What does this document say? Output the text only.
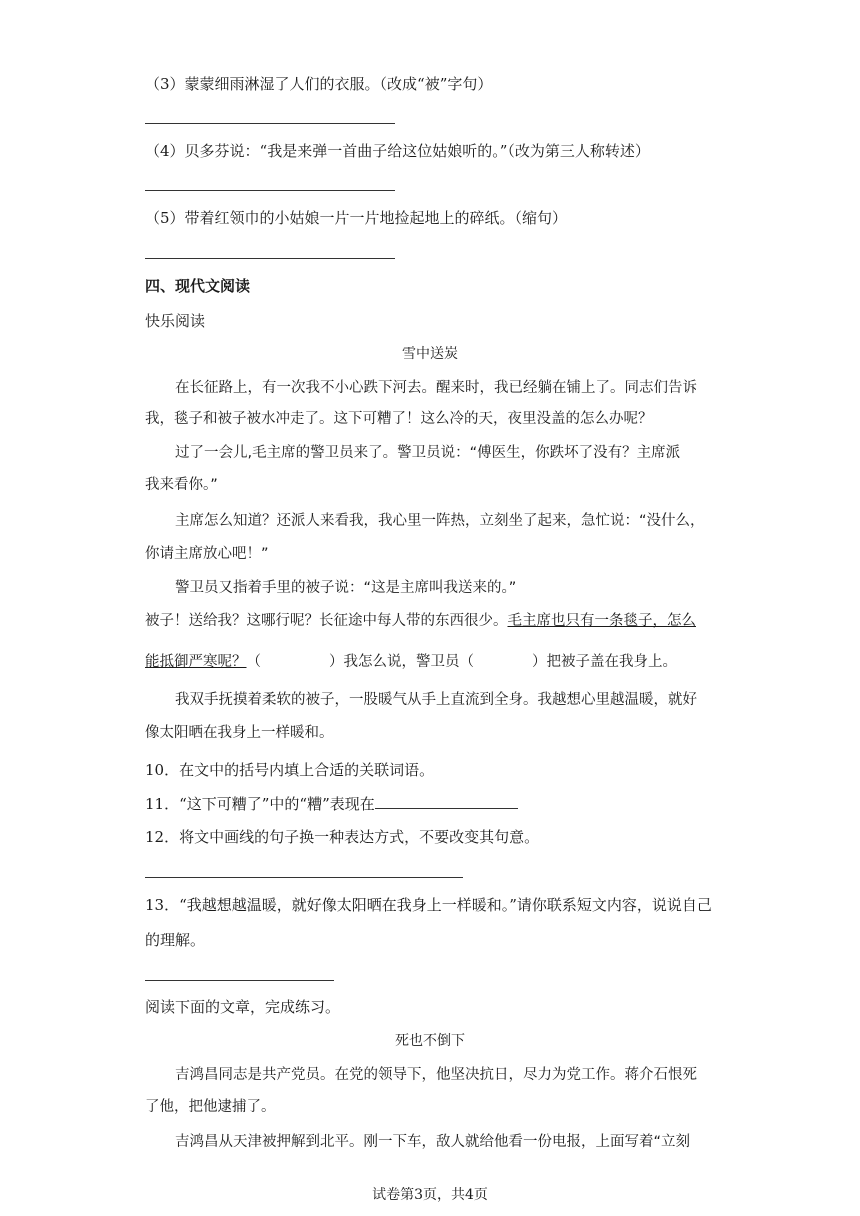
（3）蒙蒙细雨淋湿了人们的衣服。（改成“被”字句）
（4）贝多芬说：“我是来弹一首曲子给这位姑娘听的。”（改为第三人称转述）
（5）带着红领巾的小姑娘一片一片地捡起地上的碎纸。（缩句）
四、现代文阅读
快乐阅读
雪中送炭
在长征路上，有一次我不小心跌下河去。醒来时，我已经躺在铺上了。同志们告诉
我，毯子和被子被水冲走了。这下可糟了！这么冷的天，夜里没盖的怎么办呢？
过了一会儿,毛主席的警卫员来了。警卫员说：“傅医生，你跌坏了没有？主席派
我来看你。”
主席怎么知道？还派人来看我，我心里一阵热，立刻坐了起来，急忙说：“没什么，
你请主席放心吧！”
警卫员又指着手里的被子说：“这是主席叫我送来的。”
被子！送给我？这哪行呢？长征途中每人带的东西很少。毛主席也只有一条毯子，怎么
能抵御严寒呢？（	）我怎么说，警卫员（	）把被子盖在我身上。
我双手抚摸着柔软的被子，一股暖气从手上直流到全身。我越想心里越温暖，就好
像太阳晒在我身上一样暖和。
10．在文中的括号内填上合适的关联词语。
11．“这下可糟了”中的“糟”表现在
12．将文中画线的句子换一种表达方式，不要改变其句意。
13．“我越想越温暖，就好像太阳晒在我身上一样暖和。”请你联系短文内容，说说自己
的理解。
阅读下面的文章，完成练习。
死也不倒下
吉鸿昌同志是共产党员。在党的领导下，他坚决抗日，尽力为党工作。蒋介石恨死
了他，把他逮捕了。
吉鸿昌从天津被押解到北平。刚一下车，敌人就给他看一份电报，上面写着“立刻
试卷第3页，共4页
